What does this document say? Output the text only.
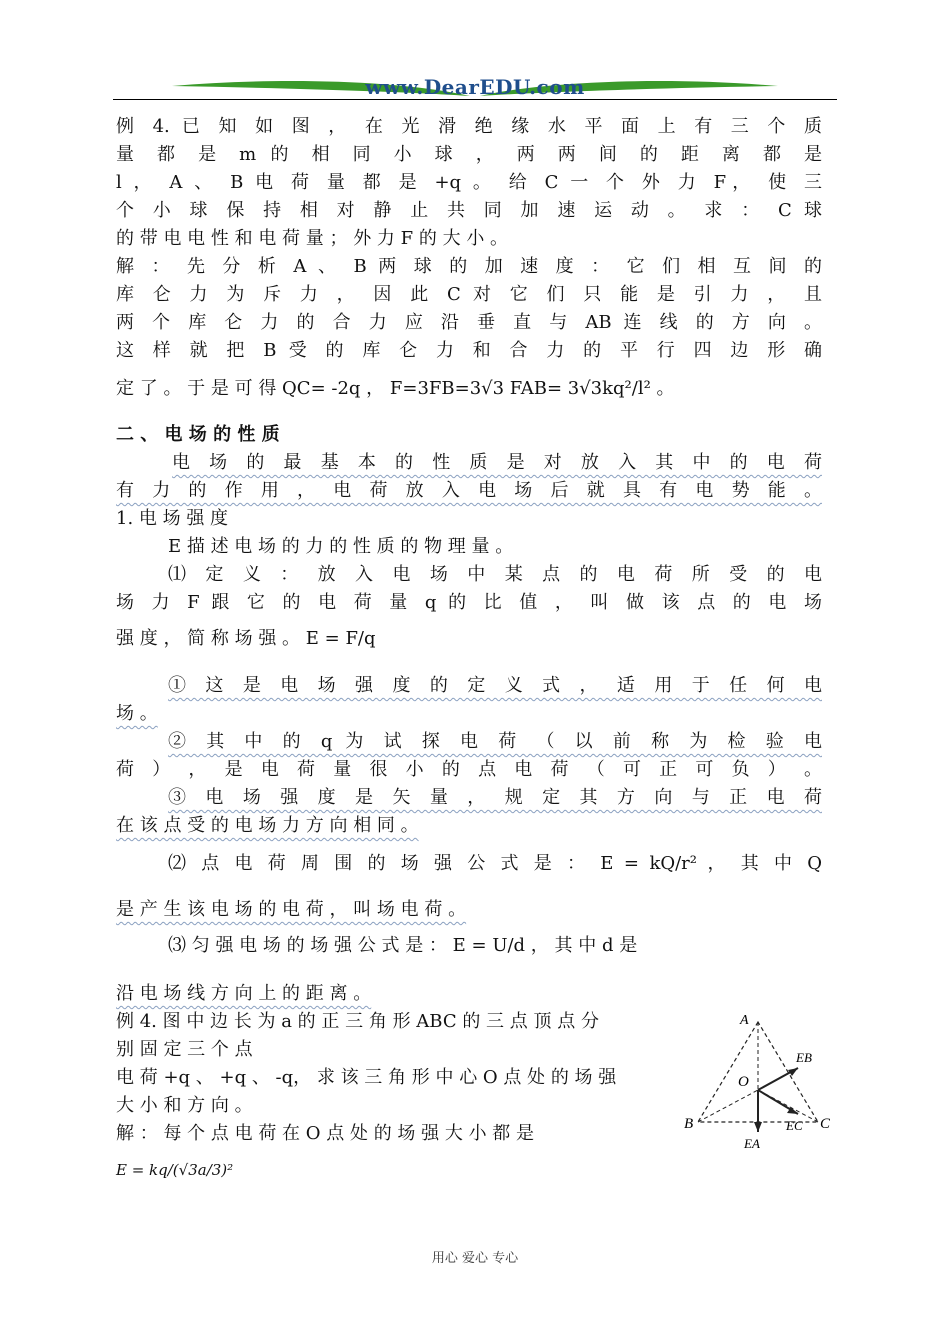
www.DearEDU.com
例 4. 已 知 如 图 ， 在 光 滑 绝 缘 水 平 面 上 有 三 个 质
量 都 是 m 的 相 同 小 球 ， 两 两 间 的 距 离 都 是
l ， A 、 B 电 荷 量 都 是 +q 。 给 C 一 个 外 力 F， 使 三
个 小 球 保 持 相 对 静 止 共 同 加 速 运 动 。 求 ： C 球
的 带 电 电 性 和 电 荷 量 ； 外 力 F 的 大 小 。
解 ： 先 分 析 A 、 B 两 球 的 加 速 度 ： 它 们 相 互 间 的
库 仑 力 为 斥 力 ， 因 此 C 对 它 们 只 能 是 引 力 ， 且
两 个 库 仑 力 的 合 力 应 沿 垂 直 与 AB 连 线 的 方 向 。
这 样 就 把 B 受 的 库 仑 力 和 合 力 的 平 行 四 边 形 确
定 了 。 于 是 可 得 QC= -2q ， F=3FB=3√3 FAB= 3√3kq²/l² 。
二 、 电 场 的 性 质
电 场 的 最 基 本 的 性 质 是 对 放 入 其 中 的 电 荷
有 力 的 作 用 ， 电 荷 放 入 电 场 后 就 具 有 电 势 能 。
1. 电 场 强 度
E 描 述 电 场 的 力 的 性 质 的 物 理 量 。
⑴ 定 义 ： 放 入 电 场 中 某 点 的 电 荷 所 受 的 电
场 力 F 跟 它 的 电 荷 量 q 的 比 值 ， 叫 做 该 点 的 电 场
强 度 ， 简 称 场 强 。 E = F/q
① 这 是 电 场 强 度 的 定 义 式 ， 适 用 于 任 何 电
场 。
② 其 中 的 q 为 试 探 电 荷 （ 以 前 称 为 检 验 电
荷 ） ， 是 电 荷 量 很 小 的 点 电 荷 （ 可 正 可 负 ） 。
③ 电 场 强 度 是 矢 量 ， 规 定 其 方 向 与 正 电 荷
在 该 点 受 的 电 场 力 方 向 相 同 。
⑵ 点 电 荷 周 围 的 场 强 公 式 是 ： E = kQ/r² ， 其 中 Q
是 产 生 该 电 场 的 电 荷 ， 叫 场 电 荷 。
⑶ 匀 强 电 场 的 场 强 公 式 是 ： E = U/d ， 其 中 d 是
沿 电 场 线 方 向 上 的 距 离 。
例 4. 图 中 边 长 为 a 的 正 三 角 形 ABC 的 三 点 顶 点 分
别 固 定 三 个 点
电 荷 +q 、 +q 、 -q， 求 该 三 角 形 中 心 O 点 处 的 场 强
大 小 和 方 向 。
解 ： 每 个 点 电 荷 在 O 点 处 的 场 强 大 小 都 是
E = kq/(√3a/3)²
A
B	C
O
EB
EA
EC
用心 爱心 专心
